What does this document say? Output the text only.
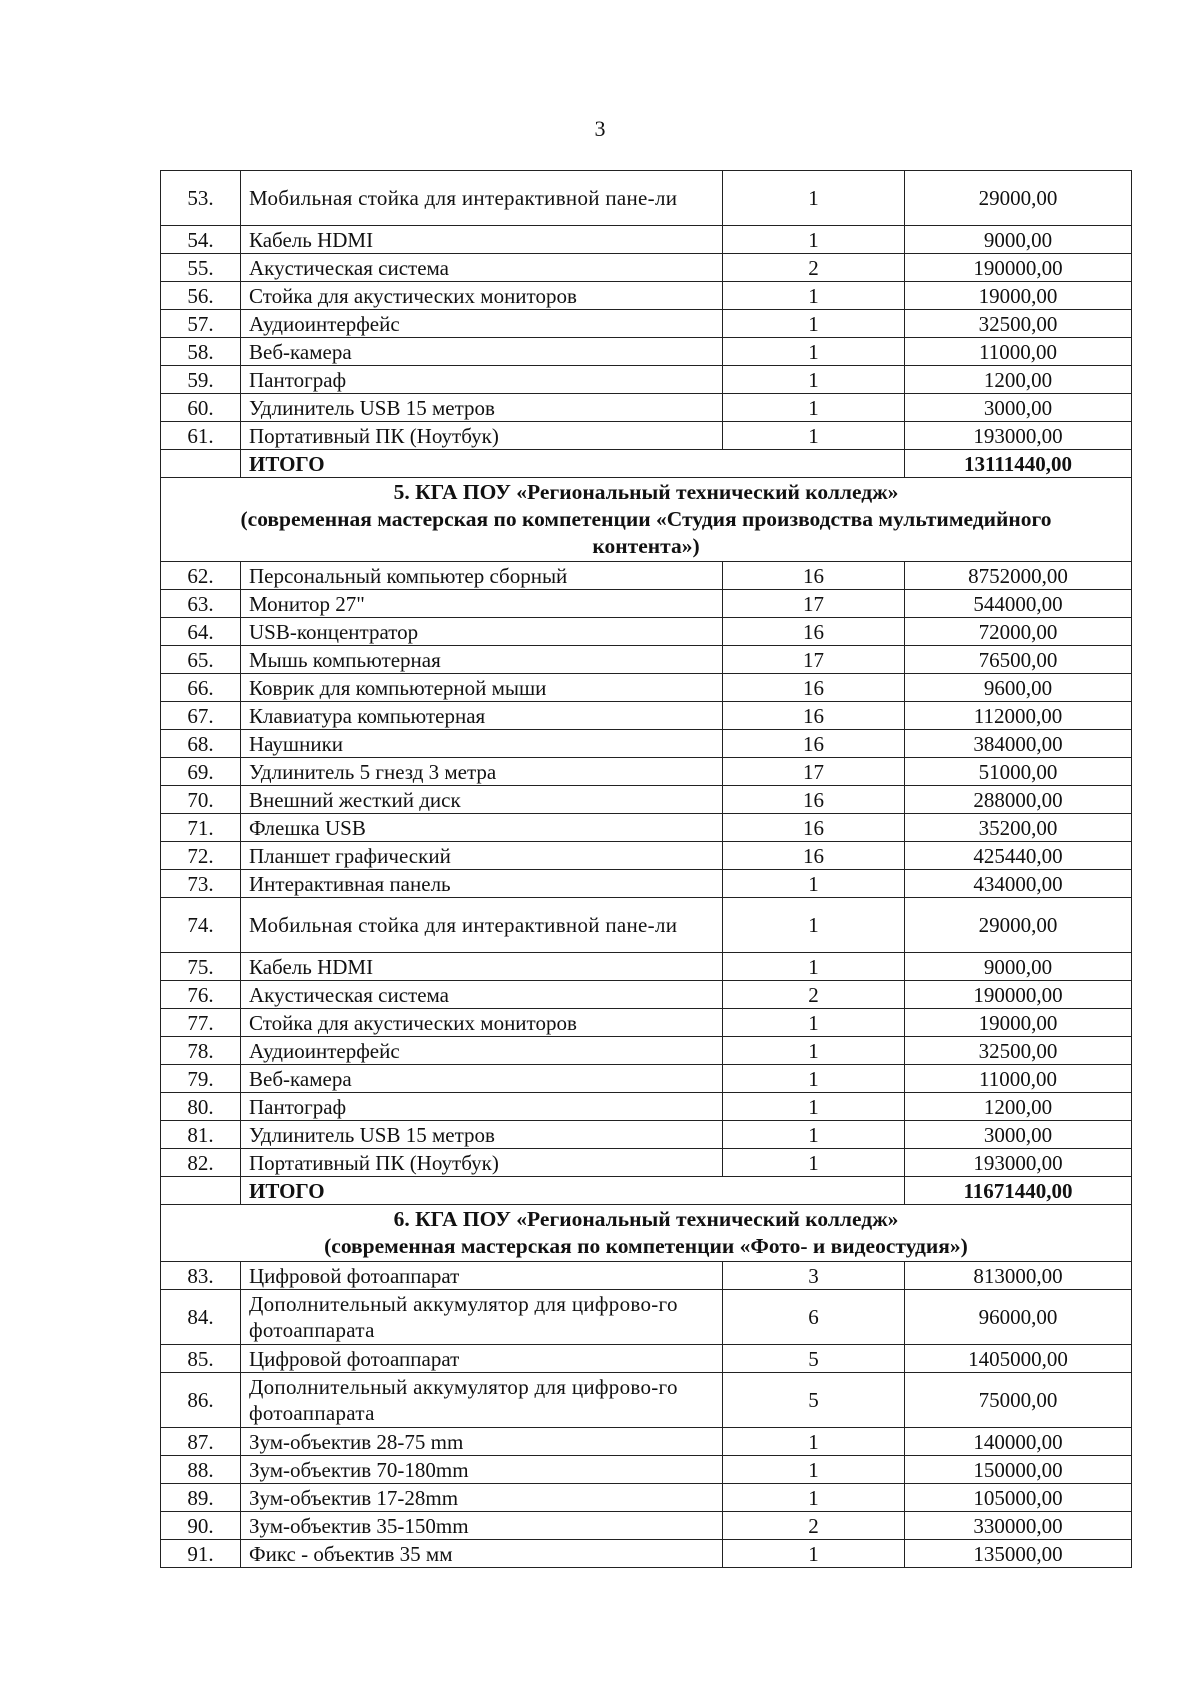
3
53.	Мобильная стойка для интерактивной пане-ли	1	29000,00
54.	Кабель HDMI	1	9000,00
55.	Акустическая система	2	190000,00
56.	Стойка для акустических мониторов	1	19000,00
57.	Аудиоинтерфейс	1	32500,00
58.	Веб-камера	1	11000,00
59.	Пантограф	1	1200,00
60.	Удлинитель USB 15 метров	1	3000,00
61.	Портативный ПК (Ноутбук)	1	193000,00
	ИТОГО		13111440,00

5. КГА ПОУ «Региональный технический колледж»
(современная мастерская по компетенции «Студия производства мультимедийного
контента»)			

62.	Персональный компьютер сборный	16	8752000,00
63.	Монитор 27"	17	544000,00
64.	USB-концентратор	16	72000,00
65.	Мышь компьютерная	17	76500,00
66.	Коврик для компьютерной мыши	16	9600,00
67.	Клавиатура компьютерная	16	112000,00
68.	Наушники	16	384000,00
69.	Удлинитель 5 гнезд 3 метра	17	51000,00
70.	Внешний жесткий диск	16	288000,00
71.	Флешка USB	16	35200,00
72.	Планшет графический	16	425440,00
73.	Интерактивная панель	1	434000,00
74.	Мобильная стойка для интерактивной пане-ли	1	29000,00
75.	Кабель HDMI	1	9000,00
76.	Акустическая система	2	190000,00
77.	Стойка для акустических мониторов	1	19000,00
78.	Аудиоинтерфейс	1	32500,00
79.	Веб-камера	1	11000,00
80.	Пантограф	1	1200,00
81.	Удлинитель USB 15 метров	1	3000,00
82.	Портативный ПК (Ноутбук)	1	193000,00
	ИТОГО		11671440,00

6. КГА ПОУ «Региональный технический колледж»
(современная мастерская по компетенции «Фото- и видеостудия»)			

83.	Цифровой фотоаппарат	3	813000,00
84.	Дополнительный аккумулятор для цифрово-го фотоаппарата	6	96000,00
85.	Цифровой фотоаппарат	5	1405000,00
86.	Дополнительный аккумулятор для цифрово-го фотоаппарата	5	75000,00
87.	Зум-объектив 28-75 mm	1	140000,00
88.	Зум-объектив 70-180mm	1	150000,00
89.	Зум-объектив 17-28mm	1	105000,00
90.	Зум-объектив 35-150mm	2	330000,00
91.	Фикс - объектив 35 мм	1	135000,00
